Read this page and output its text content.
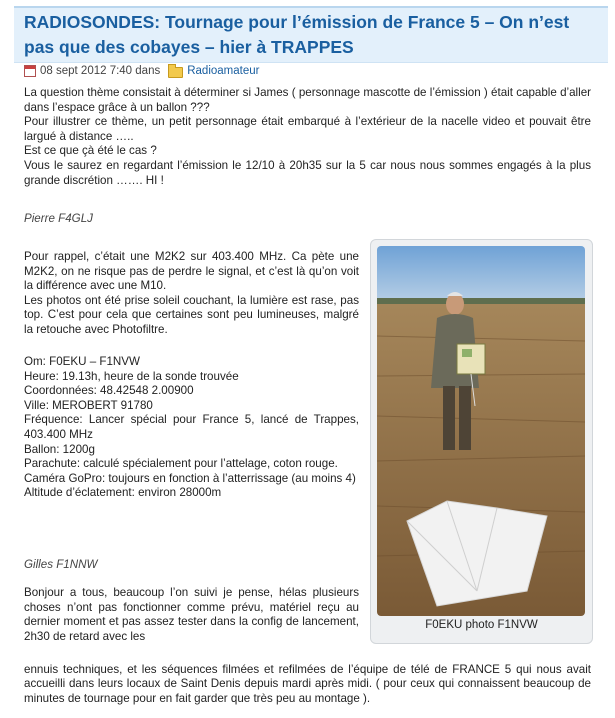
RADIOSONDES: Tournage pour l’émission de France 5 – On n’est pas que des cobayes – hier à TRAPPES
08 sept 2012 7:40 dans Radioamateur

La question thème consistait à déterminer si James ( personnage mascotte de l’émission ) était capable d’aller dans l’espace grâce à un ballon ???

Pour illustrer ce thème, un petit personnage était embarqué à l’extérieur de la nacelle video et pouvait être largué à distance …..

Est ce que çà été le cas ?

Vous le saurez en regardant l’émission le 12/10 à 20h35 sur la 5 car nous nous sommes engagés à la plus grande discrétion ……. HI !

Pierre F4GLJ

Pour rappel, c’était une M2K2 sur 403.400 MHz. Ca pète une M2K2, on ne risque pas de perdre le signal, et c’est là qu’on voit la différence avec une M10.

Les photos ont été prise soleil couchant, la lumière est rase, pas top. C’est pour cela que certaines sont peu lumineuses, malgré la retouche avec Photofiltre.

Om: F0EKU – F1NVW

Heure: 19.13h, heure de la sonde trouvée

Coordonnées: 48.42548 2.00900

Ville: MEROBERT 91780

Fréquence: Lancer spécial pour France 5, lancé de Trappes, 403.400 MHz

Ballon: 1200g

Parachute: calculé spécialement pour l’attelage, coton rouge.

Caméra GoPro: toujours en fonction à l’atterrissage (au moins 4)

Altitude d’éclatement: environ 28000m

Gilles F1NNW

Bonjour a tous, beaucoup l’on suivi je pense, hélas plusieurs choses n’ont pas fonctionner comme prévu, matériel reçu au dernier moment et pas assez tester dans la config de lancement, 2h30 de retard avec les

ennuis techniques, et les séquences filmées et refilmées de l’équipe de télé de FRANCE 5 qui nous avait accueilli dans leurs locaux de Saint Denis depuis mardi après midi. ( pour ceux qui connaissent beaucoup de minutes de tournage pour en fait garder que très peu au montage ).

F0EKU photo F1NVW
